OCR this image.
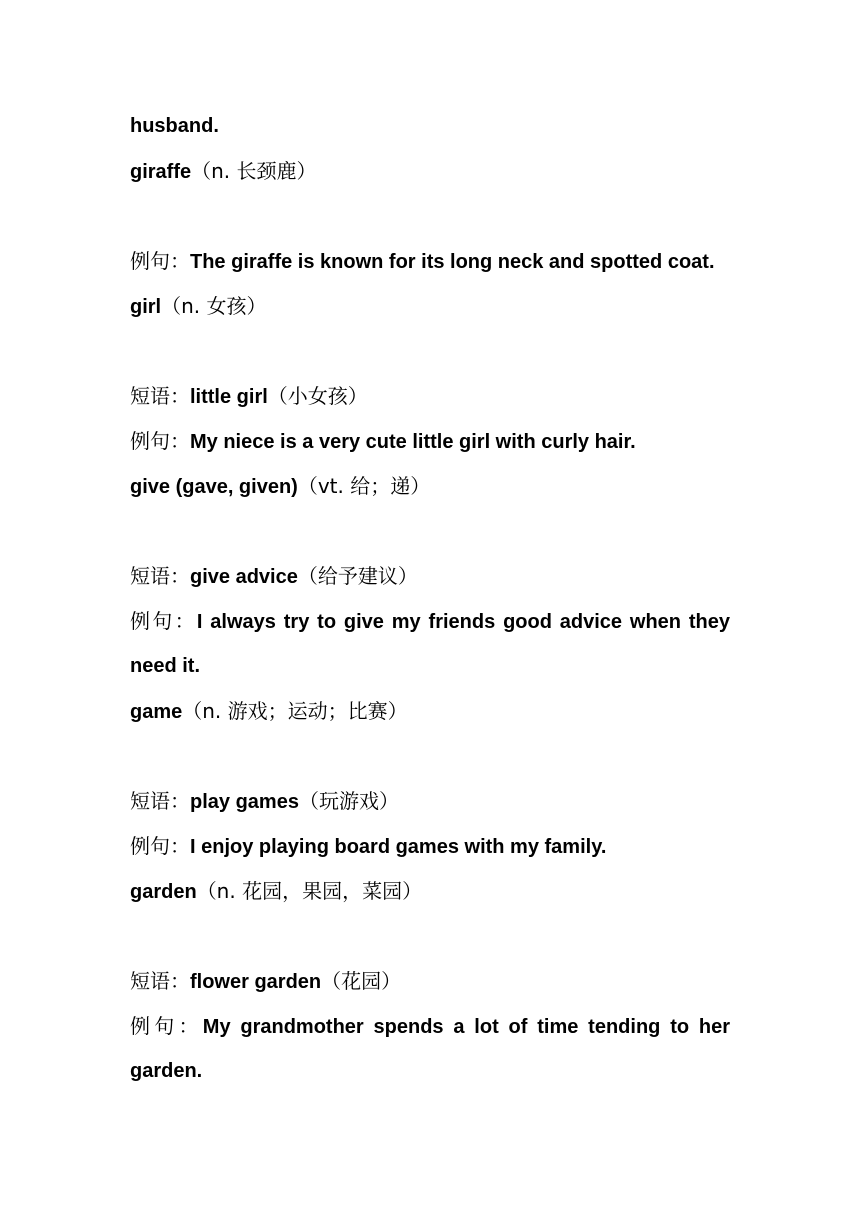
husband.
giraffe（n. 长颈鹿）
例句：The giraffe is known for its long neck and spotted coat.
girl（n. 女孩）
短语：little girl（小女孩）
例句：My niece is a very cute little girl with curly hair.
give (gave, given)（vt. 给；递）
短语：give advice（给予建议）
例句：I always try to give my friends good advice when they
need it.
game（n. 游戏；运动；比赛）
短语：play games（玩游戏）
例句：I enjoy playing board games with my family.
garden（n. 花园，果园，菜园）
短语：flower garden（花园）
例句：My grandmother spends a lot of time tending to her
garden.
